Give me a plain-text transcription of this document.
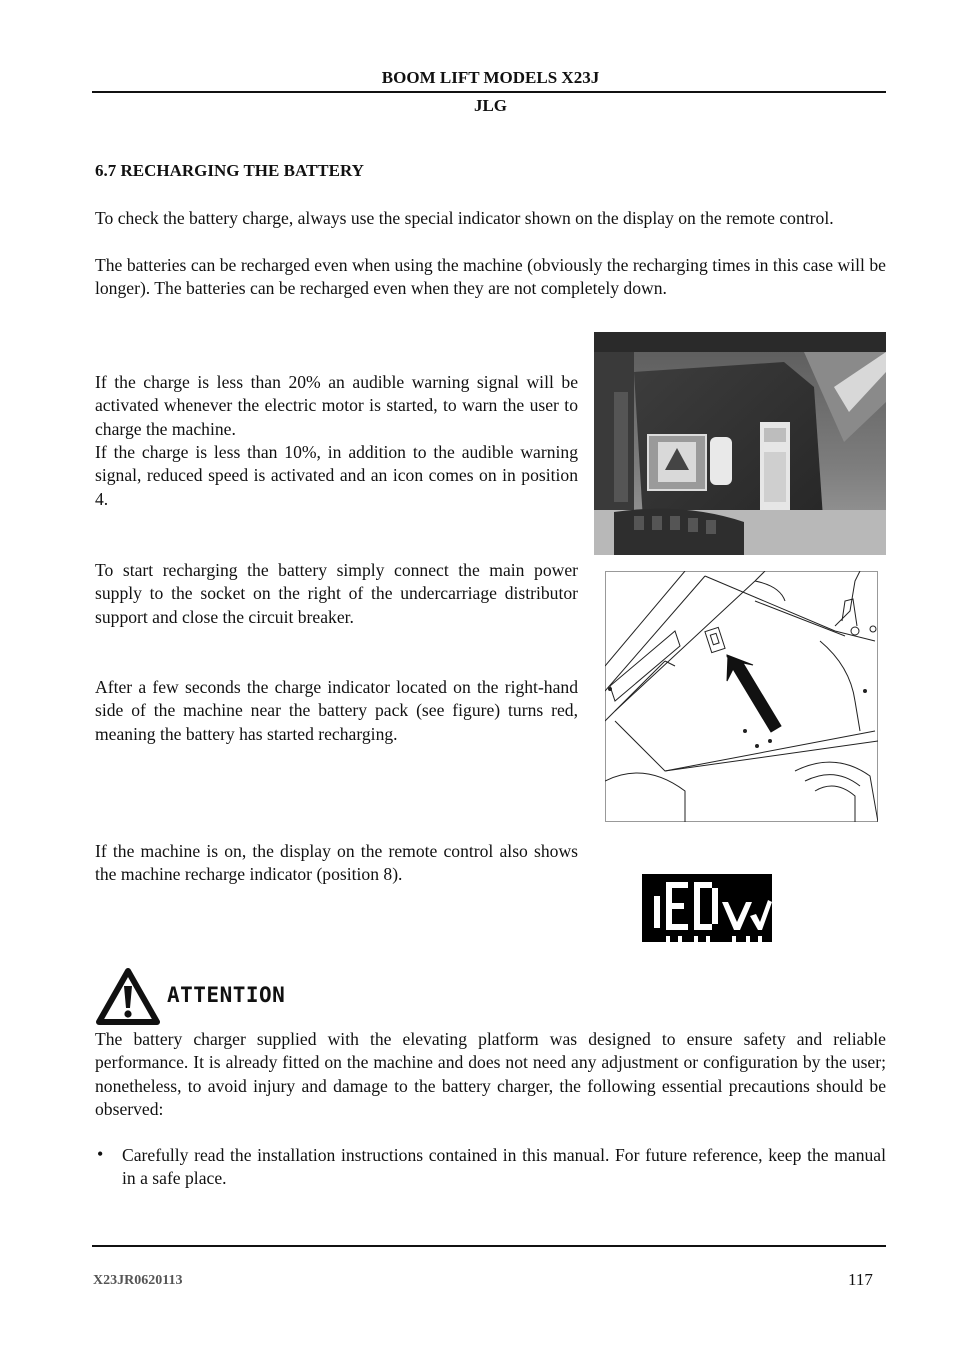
BOOM LIFT MODELS X23J
JLG
6.7 RECHARGING THE BATTERY

To check the battery charge, always use the special indicator shown on the display on the remote control.

The batteries can be recharged even when using the machine (obviously the recharging times in this case will be longer). The batteries can be recharged even when they are not completely down.

If the charge is less than 20% an audible warning signal will be activated whenever the electric motor is started, to warn the user to charge the machine.

If the charge is less than 10%, in addition to the audible warning signal, reduced speed is activated and an icon comes on in position 4.

To start recharging the battery simply connect the main power supply to the socket on the right of the undercarriage distributor support and close the circuit breaker.

After a few seconds the charge indicator located on the right-hand side of the machine near the battery pack (see figure) turns red, meaning the battery has started recharging.

If the machine is on, the display on the remote control also shows the machine recharge indicator (position 8).

ATTENTION

The battery charger supplied with the elevating platform was designed to ensure safety and reliable performance. It is already fitted on the machine and does not need any adjustment or configuration by the user; nonetheless, to avoid injury and damage to the battery charger, the following essential precautions should be observed:

• Carefully read the installation instructions contained in this manual. For future reference, keep the manual in a safe place.

X23JR0620113	117
